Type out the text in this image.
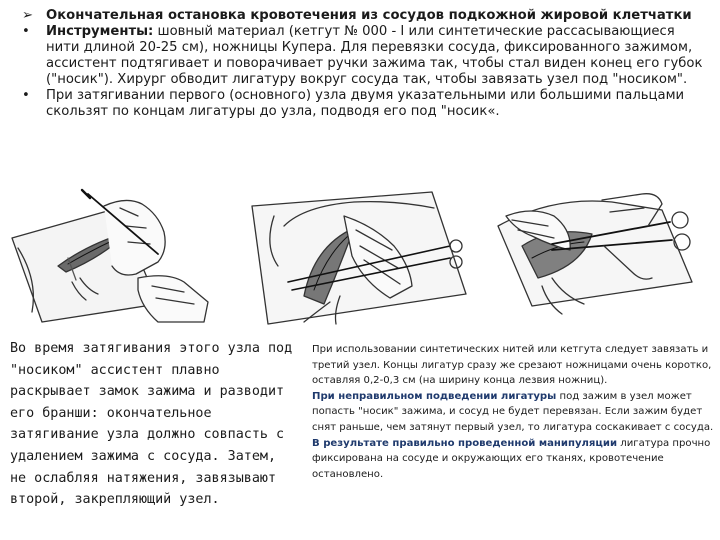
➢ Окончательная остановка кровотечения из сосудов подкожной жировой клетчатки
• Инструменты: шовный материал (кетгут № 000 - I или синтетические рассасывающиеся нити длиной 20-25 см), ножницы Купера. Для перевязки сосуда, фиксированного зажимом, ассистент подтягивает и поворачивает ручки зажима так, чтобы стал виден конец его губок ("носик"). Хирург обводит лигатуру вокруг сосуда так, чтобы завязать узел под "носиком".
• При затягивании первого (основного) узла двумя указательными или большими пальцами скользят по концам лигатуры до узла, подводя его под "носик«.
Во время затягивания этого узла под "носиком" ассистент плавно раскрывает замок зажима и разводит его бранши: окончательное затягивание узла должно совпасть с удалением зажима с сосуда. Затем, не ослабляя натяжения, завязывают второй, закрепляющий узел.

При использовании синтетических нитей или кетгута следует завязать и третий узел. Концы лигатур сразу же срезают ножницами очень коротко, оставляя 0,2-0,3 см (на ширину конца лезвия ножниц).

При неправильном подведении лигатуры под зажим в узел может попасть "носик" зажима, и сосуд не будет перевязан. Если зажим будет снят раньше, чем затянут первый узел, то лигатура соскакивает с сосуда.

В результате правильно проведенной манипуляции лигатура прочно фиксирована на сосуде и окружающих его тканях, кровотечение остановлено.
